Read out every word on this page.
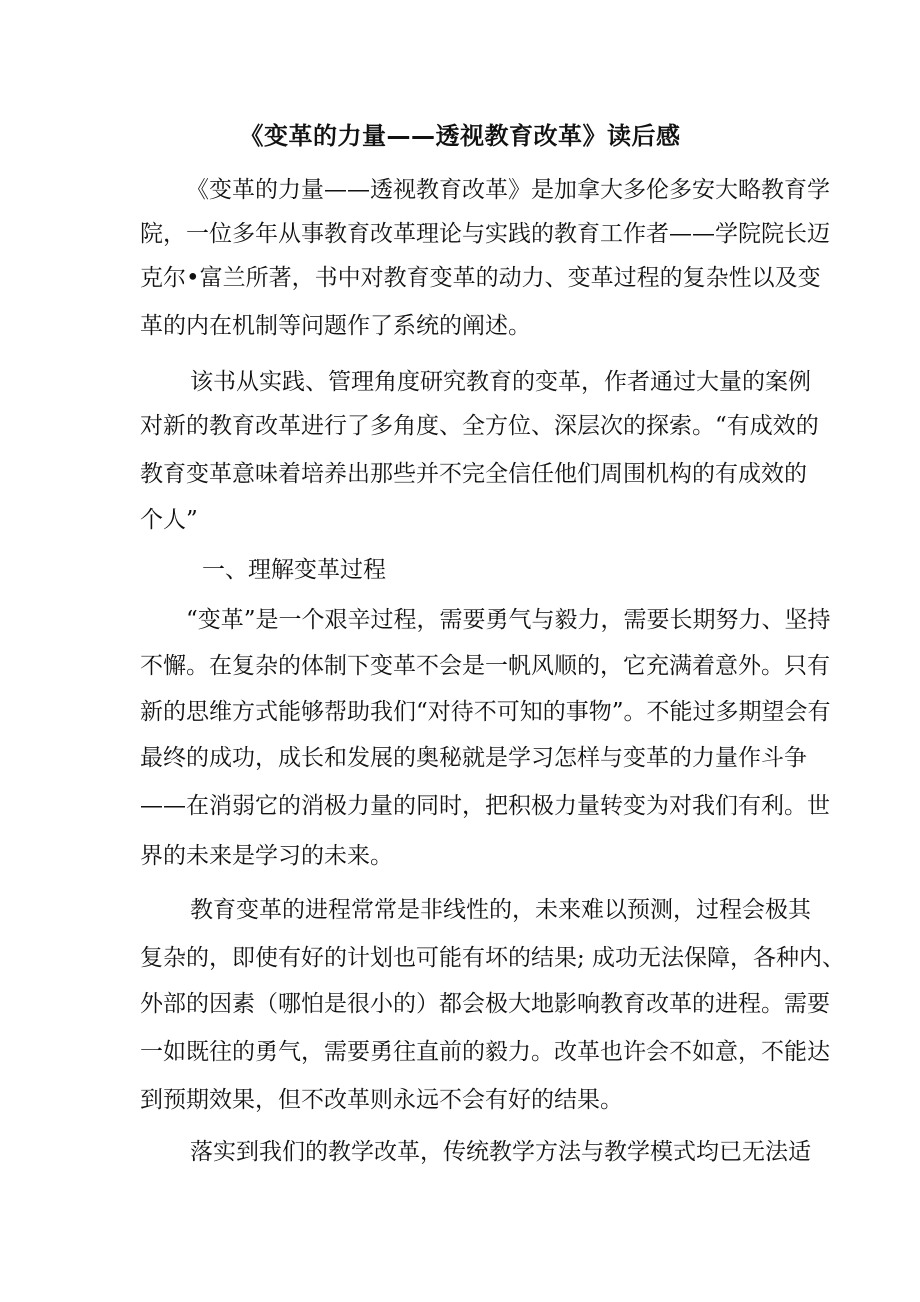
《变革的力量——透视教育改革》读后感

《变革的力量——透视教育改革》是加拿大多伦多安大略教育学

院，一位多年从事教育改革理论与实践的教育工作者——学院院长迈

克尔•富兰所著，书中对教育变革的动力、变革过程的复杂性以及变

革的内在机制等问题作了系统的阐述。

该书从实践、管理角度研究教育的变革，作者通过大量的案例

对新的教育改革进行了多角度、全方位、深层次的探索。“有成效的

教育变革意味着培养出那些并不完全信任他们周围机构的有成效的

个人”

一、理解变革过程

“变革”是一个艰辛过程，需要勇气与毅力，需要长期努力、坚持

不懈。在复杂的体制下变革不会是一帆风顺的，它充满着意外。只有

新的思维方式能够帮助我们“对待不可知的事物”。不能过多期望会有

最终的成功，成长和发展的奥秘就是学习怎样与变革的力量作斗争

——在消弱它的消极力量的同时，把积极力量转变为对我们有利。世

界的未来是学习的未来。

教育变革的进程常常是非线性的，未来难以预测，过程会极其

复杂的，即使有好的计划也可能有坏的结果; 成功无法保障，各种内、

外部的因素（哪怕是很小的）都会极大地影响教育改革的进程。需要

一如既往的勇气，需要勇往直前的毅力。改革也许会不如意，不能达

到预期效果，但不改革则永远不会有好的结果。

落实到我们的教学改革，传统教学方法与教学模式均已无法适
